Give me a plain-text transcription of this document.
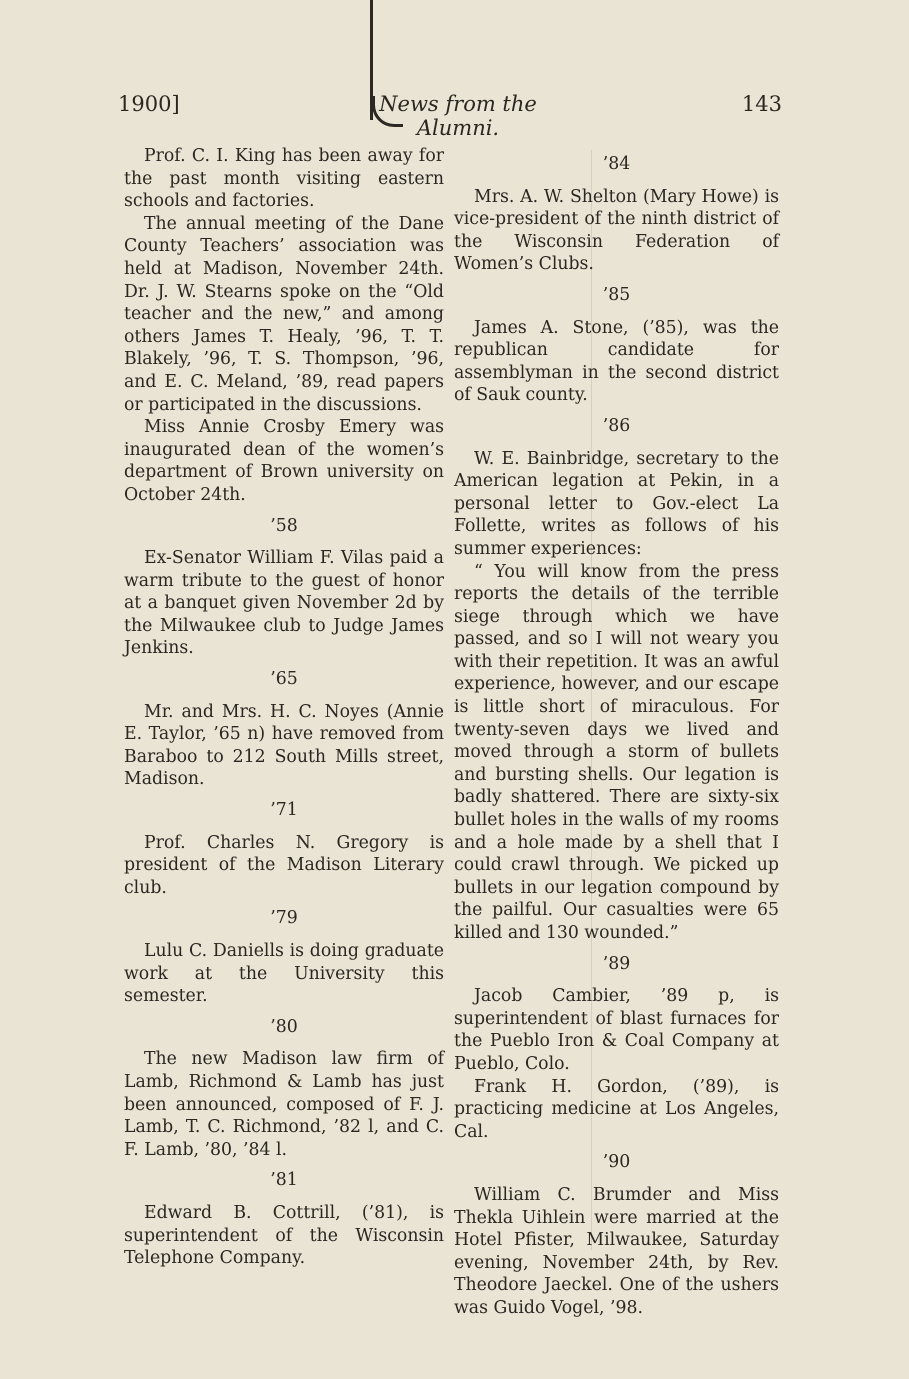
1900]	News from the Alumni.
143

Prof. C. I. King has been away for the past month visiting eastern schools and factories.

The annual meeting of the Dane County Teachers’ association was held at Madison, November 24th. Dr. J. W. Stearns spoke on the “Old teacher and the new,” and among others James T. Healy, ’96, T. T. Blakely, ’96, T. S. Thompson, ’96, and E. C. Meland, ’89, read papers or participated in the discussions.

Miss Annie Crosby Emery was inaugurated dean of the women’s department of Brown university on October 24th.

’58

Ex-Senator William F. Vilas paid a warm tribute to the guest of honor at a banquet given November 2d by the Milwaukee club to Judge James Jenkins.

’65

Mr. and Mrs. H. C. Noyes (Annie E. Taylor, ’65 n) have removed from Baraboo to 212 South Mills street, Madison.

’71

Prof. Charles N. Gregory is president of the Madison Literary club.

’79

Lulu C. Daniells is doing graduate work at the University this semester.

’80

The new Madison law firm of Lamb, Richmond & Lamb has just been announced, composed of F. J. Lamb, T. C. Richmond, ’82 l, and C. F. Lamb, ’80, ’84 l.

’81

Edward B. Cottrill, (’81), is superintendent of the Wisconsin Telephone Company.

’84

Mrs. A. W. Shelton (Mary Howe) is vice-president of the ninth district of the Wisconsin Federation of Women’s Clubs.

’85

James A. Stone, (’85), was the republican candidate for assemblyman in the second district of Sauk county.

’86

W. E. Bainbridge, secretary to the American legation at Pekin, in a personal letter to Gov.-elect La Follette, writes as follows of his summer experiences:

“ You will know from the press reports the details of the terrible siege through which we have passed, and so I will not weary you with their repetition. It was an awful experience, however, and our escape is little short of miraculous. For twenty-seven days we lived and moved through a storm of bullets and bursting shells. Our legation is badly shattered. There are sixty-six bullet holes in the walls of my rooms and a hole made by a shell that I could crawl through. We picked up bullets in our legation compound by the pailful. Our casualties were 65 killed and 130 wounded.”

’89

Jacob Cambier, ’89 p, is superintendent of blast furnaces for the Pueblo Iron & Coal Company at Pueblo, Colo.

Frank H. Gordon, (’89), is practicing medicine at Los Angeles, Cal.

’90

William C. Brumder and Miss Thekla Uihlein were married at the Hotel Pfister, Milwaukee, Saturday evening, November 24th, by Rev. Theodore Jaeckel. One of the ushers was Guido Vogel, ’98.
